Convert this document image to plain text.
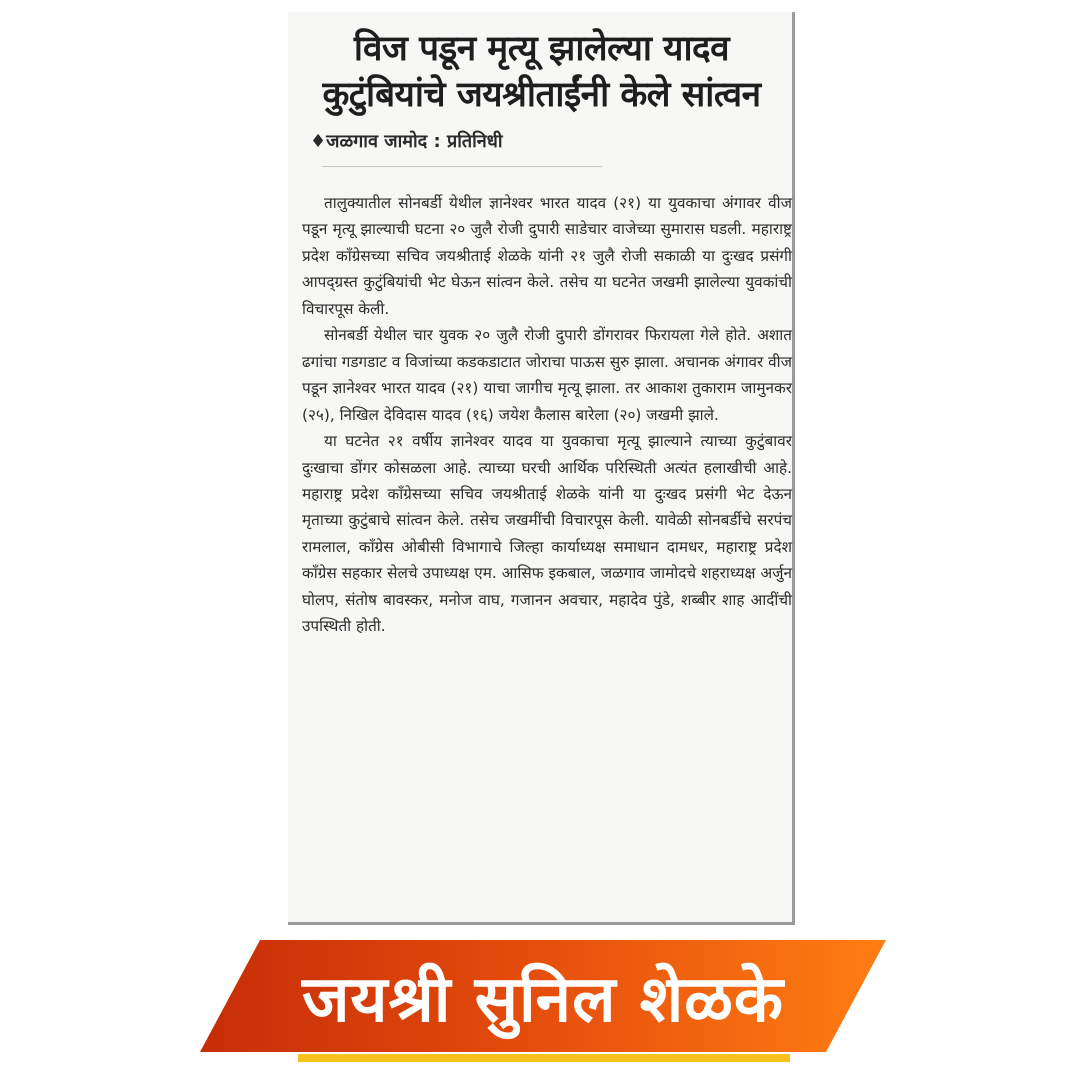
विज पडून मृत्यू झालेल्या यादव
कुटुंबियांचे जयश्रीताईंनी केले सांत्वन
♦जळगाव जामोद : प्रतिनिधी

तालुक्यातील सोनबर्डी येथील ज्ञानेश्वर भारत यादव (२१) या युवकाचा अंगावर वीज पडून मृत्यू झाल्याची घटना २० जुलै रोजी दुपारी साडेचार वाजेच्या सुमारास घडली. महाराष्ट्र प्रदेश काँग्रेसच्या सचिव जयश्रीताई शेळके यांनी २१ जुलै रोजी सकाळी या दुःखद प्रसंगी आपद्ग्रस्त कुटुंबियांची भेट घेऊन सांत्वन केले. तसेच या घटनेत जखमी झालेल्या युवकांची विचारपूस केली.

सोनबर्डी येथील चार युवक २० जुलै रोजी दुपारी डोंगरावर फिरायला गेले होते. अशात ढगांचा गडगडाट व विजांच्या कडकडाटात जोराचा पाऊस सुरु झाला. अचानक अंगावर वीज पडून ज्ञानेश्वर भारत यादव (२१) याचा जागीच मृत्यू झाला. तर आकाश तुकाराम जामुनकर (२५), निखिल देविदास यादव (१६) जयेश कैलास बारेला (२०) जखमी झाले.

या घटनेत २१ वर्षीय ज्ञानेश्वर यादव या युवकाचा मृत्यू झाल्याने त्याच्या कुटुंबावर दुःखाचा डोंगर कोसळला आहे. त्याच्या घरची आर्थिक परिस्थिती अत्यंत हलाखीची आहे. महाराष्ट्र प्रदेश काँग्रेसच्या सचिव जयश्रीताई शेळके यांनी या दुःखद प्रसंगी भेट देऊन मृताच्या कुटुंबाचे सांत्वन केले. तसेच जखमींची विचारपूस केली. यावेळी सोनबर्डीचे सरपंच रामलाल, काँग्रेस ओबीसी विभागाचे जिल्हा कार्याध्यक्ष समाधान दामधर, महाराष्ट्र प्रदेश काँग्रेस सहकार सेलचे उपाध्यक्ष एम. आसिफ इकबाल, जळगाव जामोदचे शहराध्यक्ष अर्जुन घोलप, संतोष बावस्कर, मनोज वाघ, गजानन अवचार, महादेव पुंडे, शब्बीर शाह आदींची उपस्थिती होती.

जयश्री सुनिल शेळके
